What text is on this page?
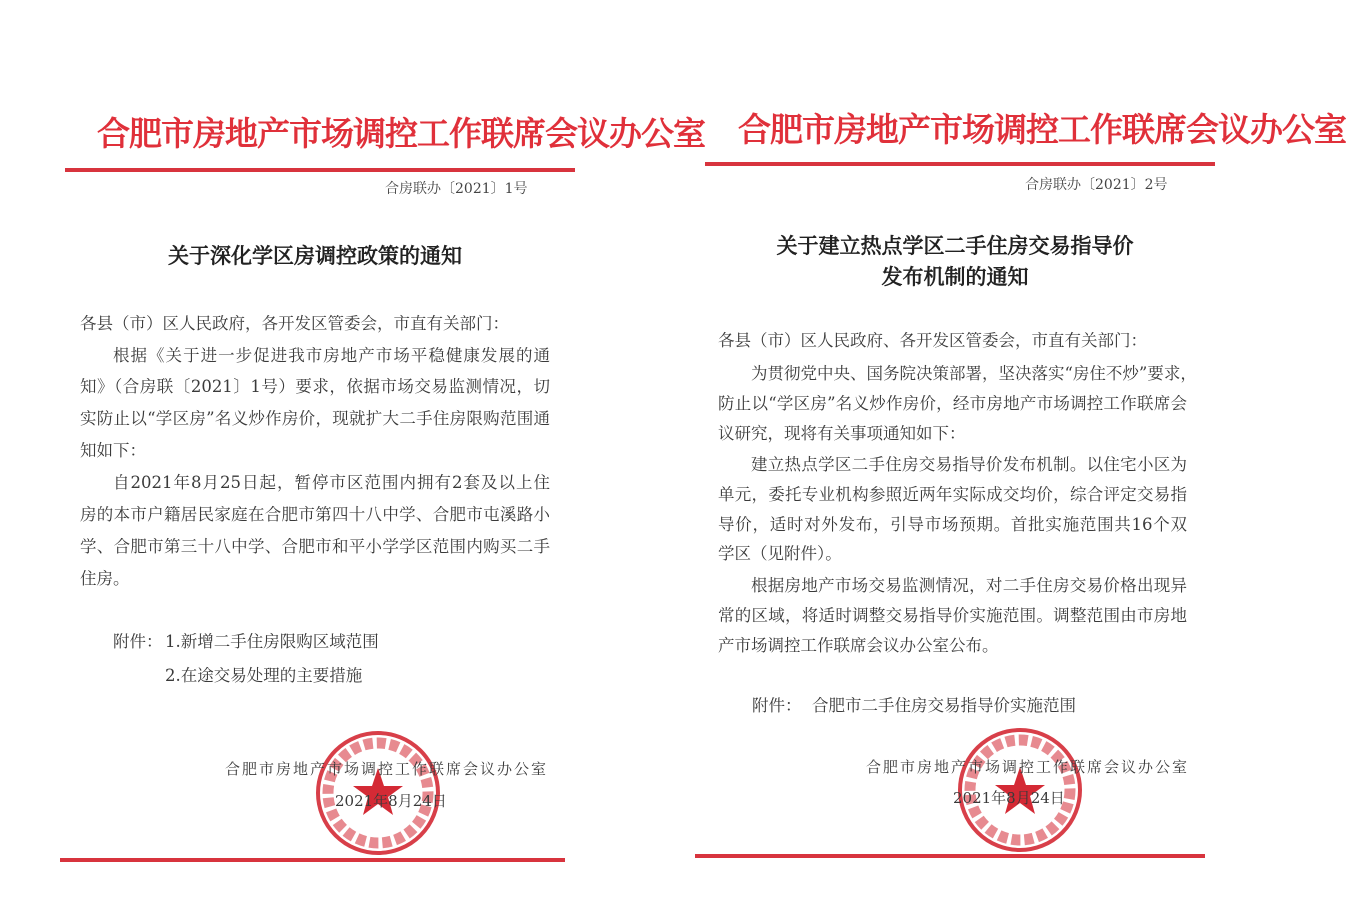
合肥市房地产市场调控工作联席会议办公室
合房联办〔2021〕1号
关于深化学区房调控政策的通知
各县（市）区人民政府，各开发区管委会，市直有关部门：
根据《关于进一步促进我市房地产市场平稳健康发展的通
知》（合房联〔2021〕1号）要求，依据市场交易监测情况，切
实防止以“学区房”名义炒作房价，现就扩大二手住房限购范围通
知如下：
自2021年8月25日起，暂停市区范围内拥有2套及以上住
房的本市户籍居民家庭在合肥市第四十八中学、合肥市屯溪路小
学、合肥市第三十八中学、合肥市和平小学学区范围内购买二手
住房。
附件： 1.新增二手住房限购区域范围
2.在途交易处理的主要措施
合肥市房地产市场调控工作联席会议办公室
2021年8月24日
合肥市房地产市场调控工作联席会议办公室
合房联办〔2021〕2号
关于建立热点学区二手住房交易指导价
发布机制的通知
各县（市）区人民政府、各开发区管委会，市直有关部门：
为贯彻党中央、国务院决策部署，坚决落实“房住不炒”要求，
防止以“学区房”名义炒作房价，经市房地产市场调控工作联席会
议研究，现将有关事项通知如下：
建立热点学区二手住房交易指导价发布机制。以住宅小区为
单元，委托专业机构参照近两年实际成交均价，综合评定交易指
导价，适时对外发布，引导市场预期。首批实施范围共16个双
学区（见附件）。
根据房地产市场交易监测情况，对二手住房交易价格出现异
常的区域，将适时调整交易指导价实施范围。调整范围由市房地
产市场调控工作联席会议办公室公布。
附件：  合肥市二手住房交易指导价实施范围
合肥市房地产市场调控工作联席会议办公室
2021年8月24日
